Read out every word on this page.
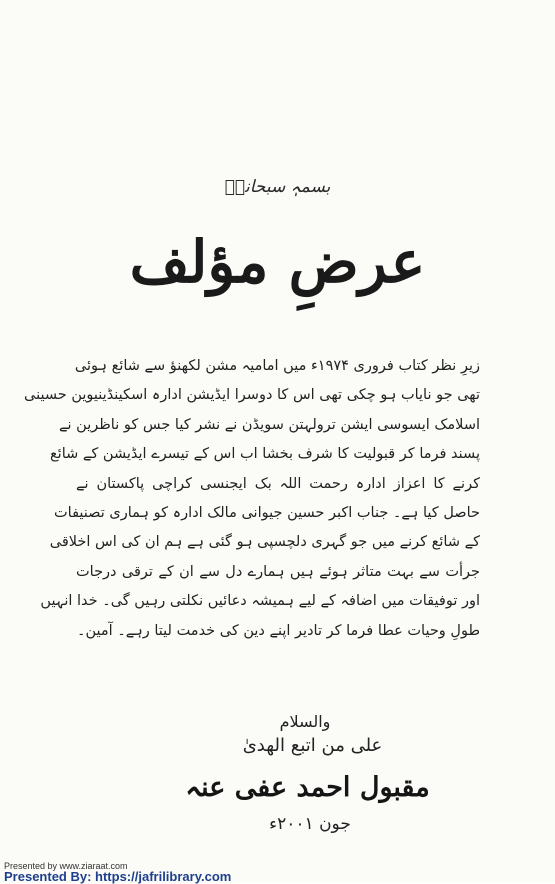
بسمہٖ سبحانہٗ
عرضِ مؤلف
زیرِ نظر کتاب فروری ۱۹۷۴ء میں امامیہ مشن لکھنؤ سے شائع ہوئی
تھی جو نایاب ہو چکی تھی اس کا دوسرا ایڈیشن ادارہ اسکینڈینیوین حسینی
اسلامک ایسوسی ایشن ترولہتن سویڈن نے نشر کیا جس کو ناظرین نے
پسند فرما کر قبولیت کا شرف بخشا اب اس کے تیسرے ایڈیشن کے شائع
کرنے کا اعزاز ادارہ رحمت اللہ بک ایجنسی کراچی پاکستان نے
حاصل کیا ہے۔ جناب اکبر حسین جیوانی مالک ادارہ کو ہماری تصنیفات
کے شائع کرنے میں جو گہری دلچسپی ہو گئی ہے ہم ان کی اس اخلاقی
جرأت سے بہت متاثر ہوئے ہیں ہمارے دل سے ان کے ترقی درجات
اور توفیقات میں اضافہ کے لیے ہمیشہ دعائیں نکلتی رہیں گی۔ خدا انہیں
طولِ وحیات عطا فرما کر تادیر اپنے دین کی خدمت لیتا رہے۔ آمین۔
والسلام
علی من اتبع الھدیٰ
مقبول احمد عفی عنہ
جون ۲۰۰۱ء
Presented by www.ziaraat.com
Presented By: https://jafrilibrary.com
